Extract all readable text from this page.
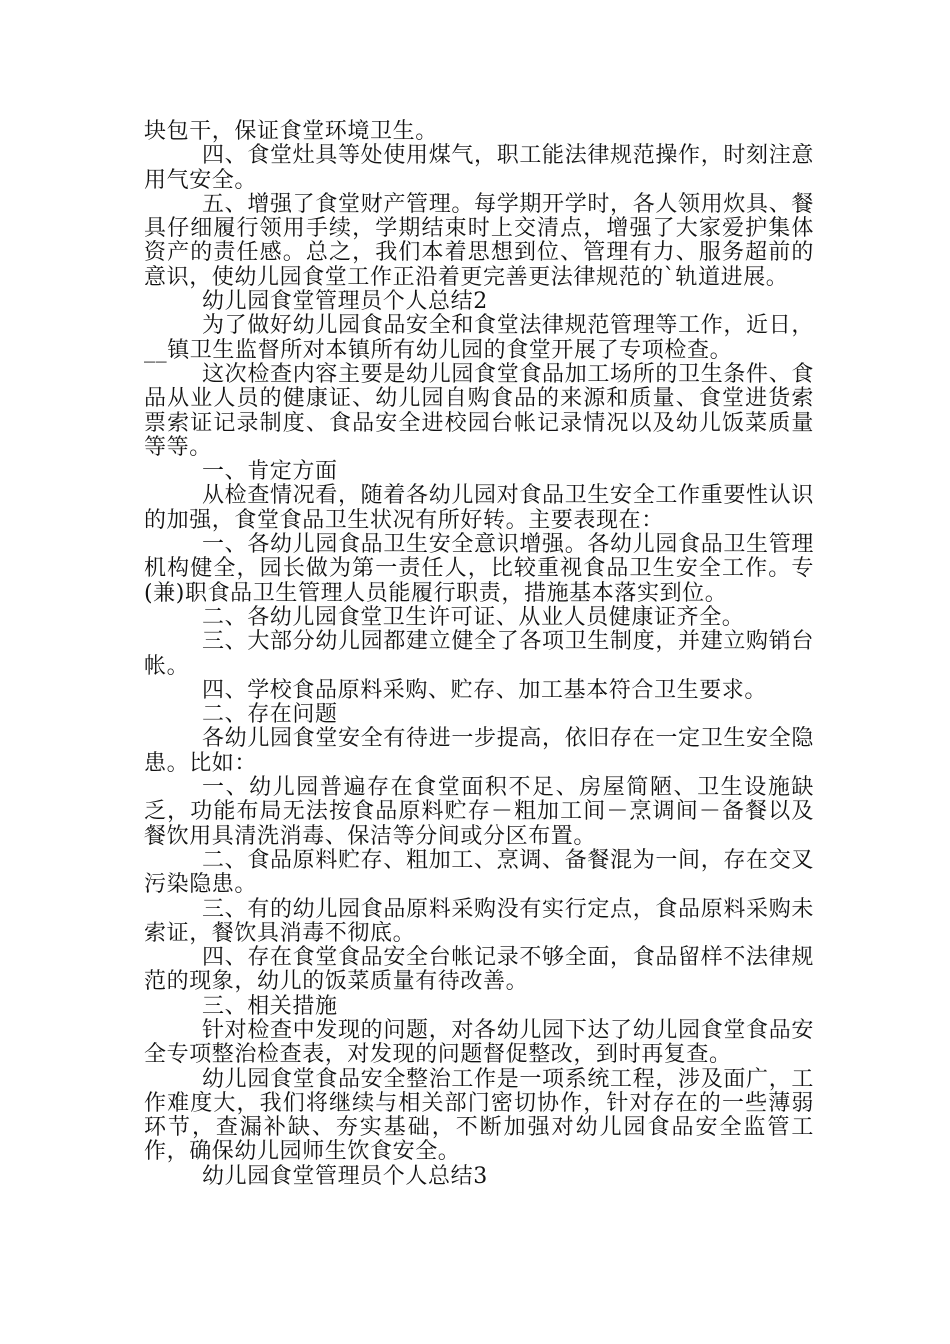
块包干，保证食堂环境卫生。

四、食堂灶具等处使用煤气，职工能法律规范操作，时刻注意用气安全。

五、增强了食堂财产管理。每学期开学时，各人领用炊具、餐具仔细履行领用手续，学期结束时上交清点，增强了大家爱护集体资产的责任感。总之，我们本着思想到位、管理有力、服务超前的意识，使幼儿园食堂工作正沿着更完善更法律规范的`轨道进展。

幼儿园食堂管理员个人总结2

为了做好幼儿园食品安全和食堂法律规范管理等工作，近日，__镇卫生监督所对本镇所有幼儿园的食堂开展了专项检查。

这次检查内容主要是幼儿园食堂食品加工场所的卫生条件、食品从业人员的健康证、幼儿园自购食品的来源和质量、食堂进货索票索证记录制度、食品安全进校园台帐记录情况以及幼儿饭菜质量等等。

一、肯定方面

从检查情况看，随着各幼儿园对食品卫生安全工作重要性认识的加强，食堂食品卫生状况有所好转。主要表现在：

一、各幼儿园食品卫生安全意识增强。各幼儿园食品卫生管理机构健全，园长做为第一责任人，比较重视食品卫生安全工作。专(兼)职食品卫生管理人员能履行职责，措施基本落实到位。

二、各幼儿园食堂卫生许可证、从业人员健康证齐全。

三、大部分幼儿园都建立健全了各项卫生制度，并建立购销台帐。

四、学校食品原料采购、贮存、加工基本符合卫生要求。

二、存在问题

各幼儿园食堂安全有待进一步提高，依旧存在一定卫生安全隐患。比如：

一、幼儿园普遍存在食堂面积不足、房屋简陋、卫生设施缺乏，功能布局无法按食品原料贮存－粗加工间－烹调间－备餐以及餐饮用具清洗消毒、保洁等分间或分区布置。

二、食品原料贮存、粗加工、烹调、备餐混为一间，存在交叉污染隐患。

三、有的幼儿园食品原料采购没有实行定点，食品原料采购未索证，餐饮具消毒不彻底。

四、存在食堂食品安全台帐记录不够全面，食品留样不法律规范的现象，幼儿的饭菜质量有待改善。

三、相关措施

针对检查中发现的问题，对各幼儿园下达了幼儿园食堂食品安全专项整治检查表，对发现的问题督促整改，到时再复查。

幼儿园食堂食品安全整治工作是一项系统工程，涉及面广，工作难度大，我们将继续与相关部门密切协作，针对存在的一些薄弱环节，查漏补缺、夯实基础，不断加强对幼儿园食品安全监管工作，确保幼儿园师生饮食安全。

幼儿园食堂管理员个人总结3
